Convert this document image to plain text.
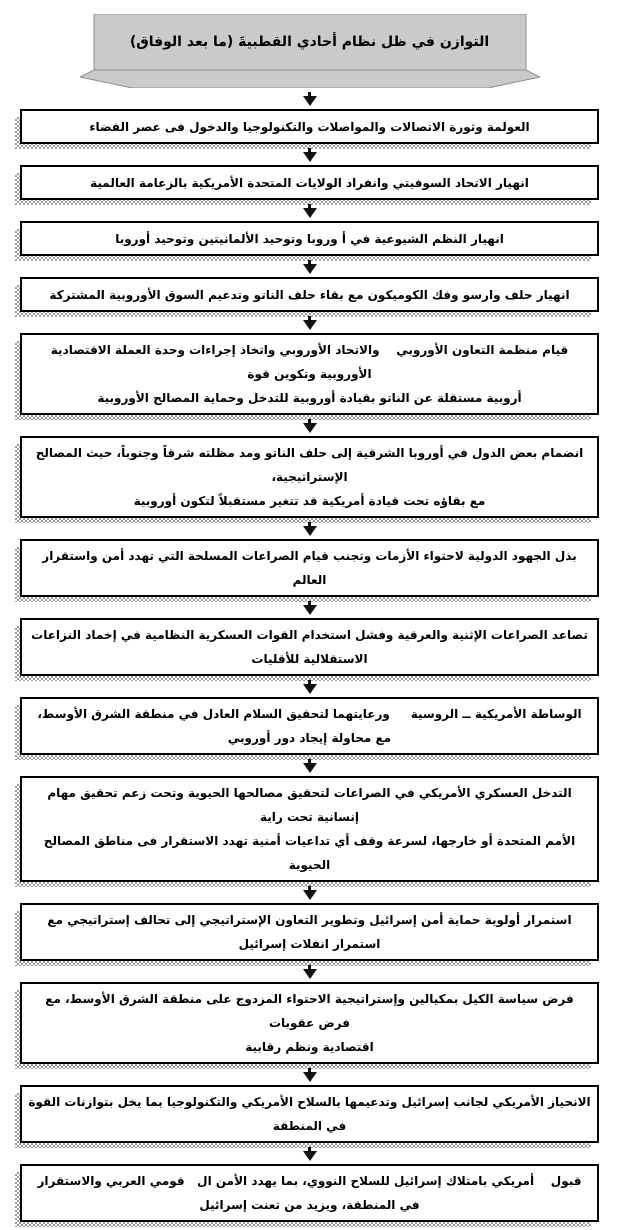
التوازن في ظل نظام أحادي القطبيةَ (ما بعد الوفاق)
العولمة وثورة الاتصالات والمواصلات والتكنولوجيا والدخول فى عصر الفضاء
انهيار الاتحاد السوفيتي وانفراد الولايات المتحدة الأمريكية بالزعامة العالمية
انهيار النظم الشيوعية في أ وروبا وتوحيد الألمانيتين وتوحيد أوروبا
انهيار حلف وارسو وفك الكوميكون مع بقاء حلف الناتو وتدعيم السوق الأوروبية المشتركة
قيام منظمة التعاون الأوروبي    والاتحاد الأوروبي واتخاذ إجراءات وحدة العملة الاقتصادية الأوروبية وتكوين قوة
أروبية مستقلة عن الناتو بقيادة أوروبية للتدخل وحماية المصالح الأوروبية
انضمام بعض الدول في أوروبا الشرقية إلى حلف الناتو ومد مظلته شرقاً وجنوباً، حيث المصالح الإستراتيجية،
مع بقاؤه تحت قيادة أمريكية قد تتغير مستقبلاً لتكون أوروبية
بذل الجهود الدولية لاحتواء الأزمات وتجنب قيام الصراعات المسلحة التي تهدد أمن واستقرار العالم
تصاعد الصراعات الإثنية والعرقية وفشل استخدام القوات العسكرية النظامية في إخماد النزاعات الاستقلالية للأقليات
الوساطة الأمريكية ــ الروسية     ورعايتهما لتحقيق السلام العادل في منطقة الشرق الأوسط، مع محاولة إيجاد دور أوروبي
التدخل العسكري الأمريكي في الصراعات لتحقيق مصالحها الحيوية وتحت زعم تحقيق مهام إنسانية تحت راية
الأمم المتحدة أو خارجها، لسرعة وقف أي تداعيات أمنية تهدد الاستقرار فى مناطق المصالح الحيوية
استمرار أولوية حماية أمن إسرائيل وتطوير التعاون الإستراتيجي إلى تحالف إستراتيجي مع استمرار انفلات إسرائيل
فرض سياسة الكيل بمكيالين وإستراتيجية الاحتواء المزدوج على منطقة الشرق الأوسط، مع فرض عقوبات
اقتصادية ونظم رقابية
الانحياز الأمريكي لجانب إسرائيل وتدعيمها بالسلاح الأمريكي والتكنولوجيا بما يخل بتوازنات القوة في المنطقة
قبول    أمريكي بامتلاك إسرائيل للسلاح النووي، بما يهدد الأمن ال   قومي العربي والاستقرار في المنطقة، ويزيد من تعنت إسرائيل
